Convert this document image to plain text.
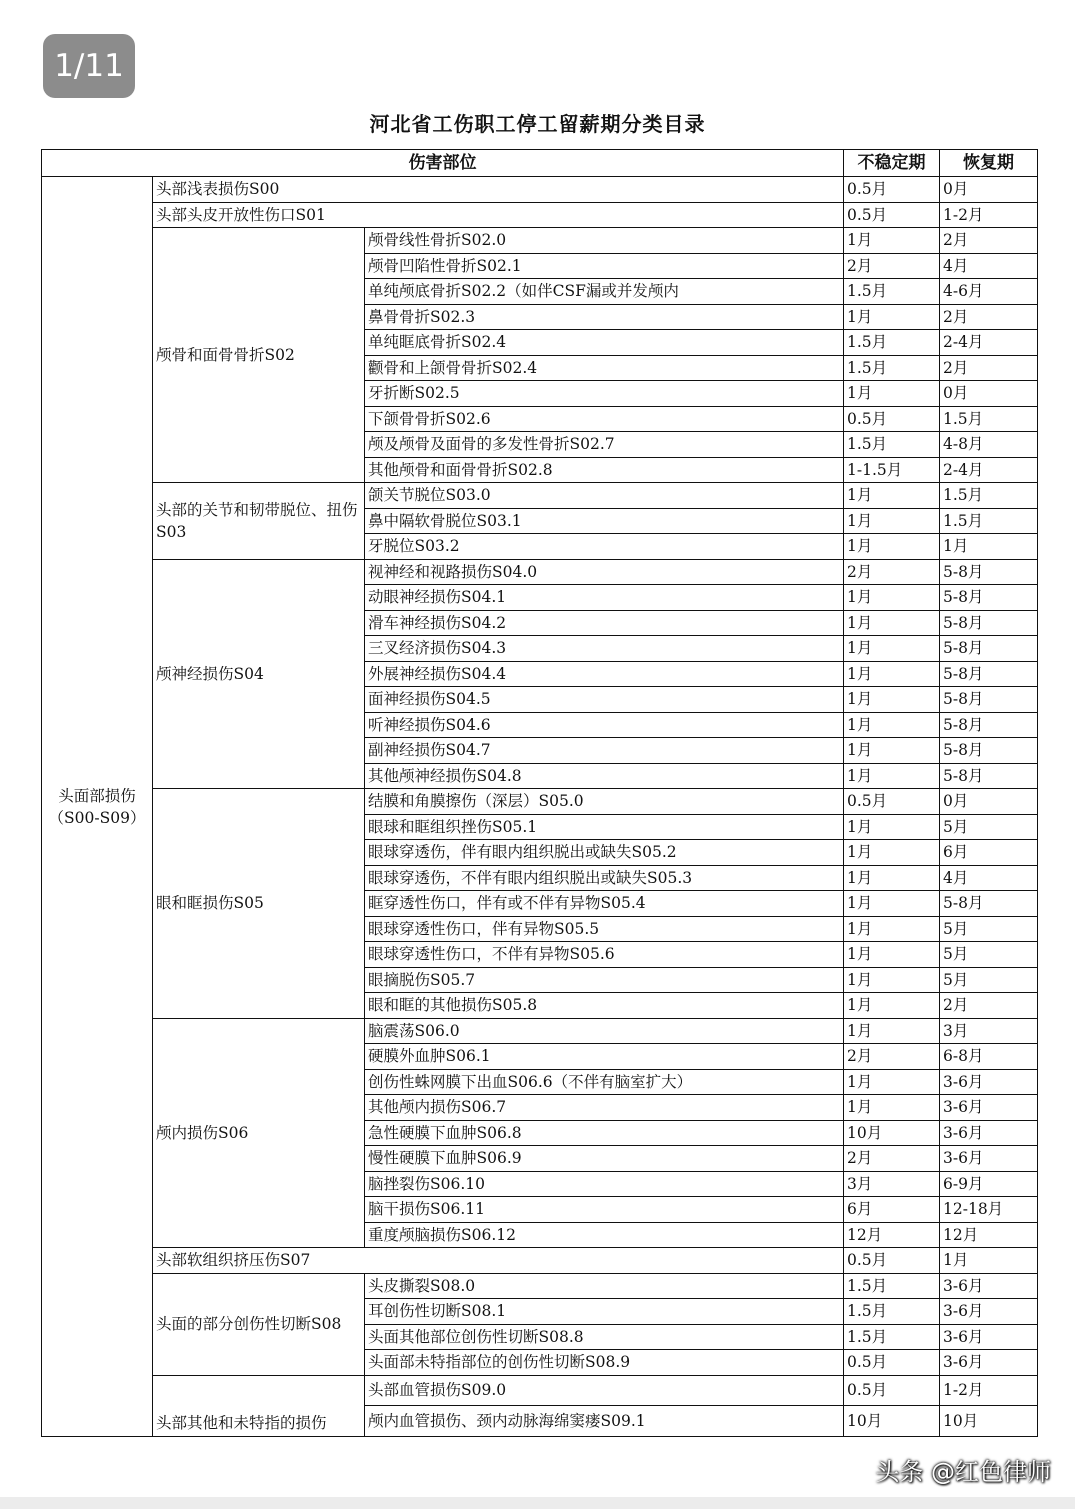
1/11
河北省工伤职工停工留薪期分类目录
伤害部位			不稳定期	恢复期
头面部损伤（S00-S09）	头部浅表损伤S00		0.5月	0月
	头部头皮开放性伤口S01		0.5月	1-2月
	颅骨和面骨骨折S02	颅骨线性骨折S02.0	1月	2月
		颅骨凹陷性骨折S02.1	2月	4月
		单纯颅底骨折S02.2（如伴CSF漏或并发颅内	1.5月	4-6月
		鼻骨骨折S02.3	1月	2月
		单纯眶底骨折S02.4	1.5月	2-4月
		颧骨和上颌骨骨折S02.4	1.5月	2月
		牙折断S02.5	1月	0月
		下颌骨骨折S02.6	0.5月	1.5月
		颅及颅骨及面骨的多发性骨折S02.7	1.5月	4-8月
		其他颅骨和面骨骨折S02.8	1-1.5月	2-4月
	头部的关节和韧带脱位、扭伤S03	颌关节脱位S03.0	1月	1.5月
		鼻中隔软骨脱位S03.1	1月	1.5月
		牙脱位S03.2	1月	1月
	颅神经损伤S04	视神经和视路损伤S04.0	2月	5-8月
		动眼神经损伤S04.1	1月	5-8月
		滑车神经损伤S04.2	1月	5-8月
		三叉经济损伤S04.3	1月	5-8月
		外展神经损伤S04.4	1月	5-8月
		面神经损伤S04.5	1月	5-8月
		听神经损伤S04.6	1月	5-8月
		副神经损伤S04.7	1月	5-8月
		其他颅神经损伤S04.8	1月	5-8月
	眼和眶损伤S05	结膜和角膜擦伤（深层）S05.0	0.5月	0月
		眼球和眶组织挫伤S05.1	1月	5月
		眼球穿透伤，伴有眼内组织脱出或缺失S05.2	1月	6月
		眼球穿透伤，不伴有眼内组织脱出或缺失S05.3	1月	4月
		眶穿透性伤口，伴有或不伴有异物S05.4	1月	5-8月
		眼球穿透性伤口，伴有异物S05.5	1月	5月
		眼球穿透性伤口，不伴有异物S05.6	1月	5月
		眼摘脱伤S05.7	1月	5月
		眼和眶的其他损伤S05.8	1月	2月
	颅内损伤S06	脑震荡S06.0	1月	3月
		硬膜外血肿S06.1	2月	6-8月
		创伤性蛛网膜下出血S06.6（不伴有脑室扩大）	1月	3-6月
		其他颅内损伤S06.7	1月	3-6月
		急性硬膜下血肿S06.8	10月	3-6月
		慢性硬膜下血肿S06.9	2月	3-6月
		脑挫裂伤S06.10	3月	6-9月
		脑干损伤S06.11	6月	12-18月
		重度颅脑损伤S06.12	12月	12月
	头部软组织挤压伤S07		0.5月	1月
	头面的部分创伤性切断S08	头皮撕裂S08.0	1.5月	3-6月
		耳创伤性切断S08.1	1.5月	3-6月
		头面其他部位创伤性切断S08.8	1.5月	3-6月
		头面部未特指部位的创伤性切断S08.9	0.5月	3-6月
	头部其他和未特指的损伤	头部血管损伤S09.0	0.5月	1-2月
		颅内血管损伤、颈内动脉海绵窦瘘S09.1	10月	10月
头条 @红色律师
